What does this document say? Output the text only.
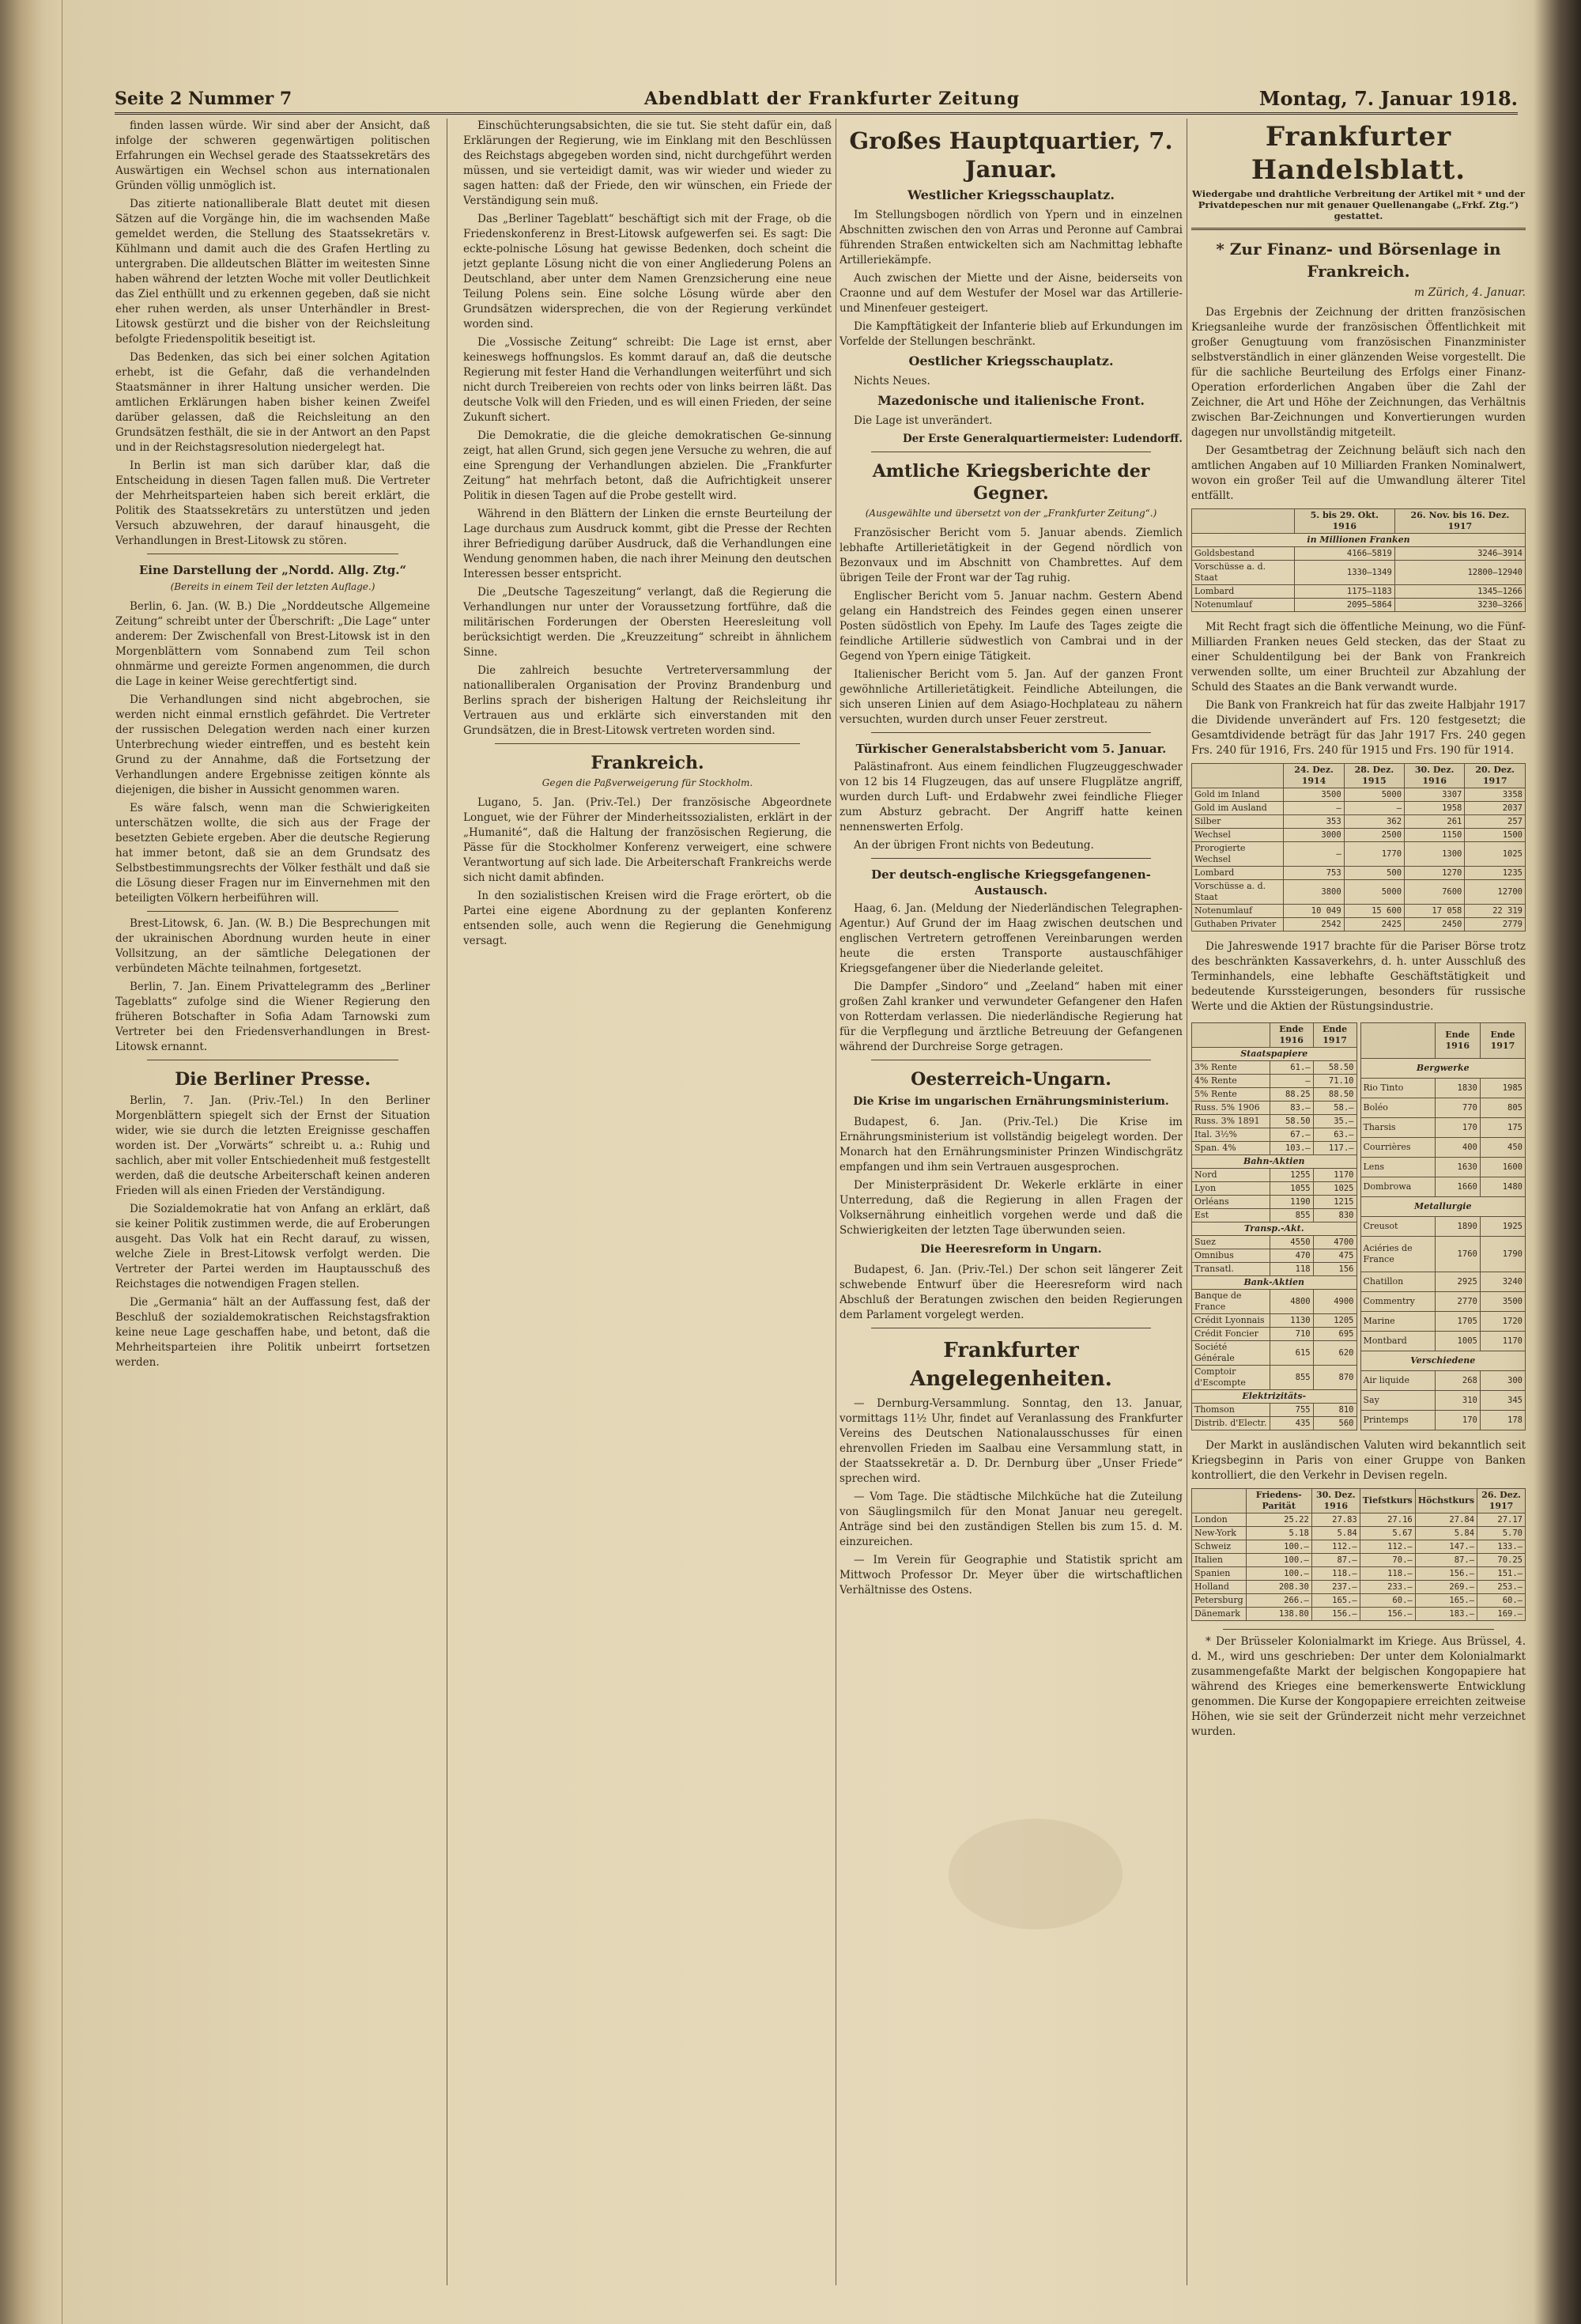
Seite 2 Nummer 7	Abendblatt der Frankfurter Zeitung	Montag, 7. Januar 1918.

finden lassen würde. Wir sind aber der Ansicht, daß infolge der schweren gegenwärtigen politischen Erfahrungen ein Wechsel gerade des Staatssekretärs des Auswärtigen ein Wechsel schon aus internationalen Gründen völlig unmöglich ist.

Das zitierte nationalliberale Blatt deutet mit diesen Sätzen auf die Vorgänge hin, die im wachsenden Maße gemeldet werden, die Stellung des Staatssekretärs v. Kühlmann und damit auch die des Grafen Hertling zu untergraben. Die alldeutschen Blätter im weitesten Sinne haben während der letzten Woche mit voller Deutlichkeit das Ziel enthüllt und zu erkennen gegeben, daß sie nicht eher ruhen werden, als unser Unterhändler in Brest-Litowsk gestürzt und die bisher von der Reichsleitung befolgte Friedenspolitik beseitigt ist.

Das Bedenken, das sich bei einer solchen Agitation erhebt, ist die Gefahr, daß die verhandelnden Staatsmänner in ihrer Haltung unsicher werden. Die amtlichen Erklärungen haben bisher keinen Zweifel darüber gelassen, daß die Reichsleitung an den Grundsätzen festhält, die sie in der Antwort an den Papst und in der Reichstagsresolution niedergelegt hat.

In Berlin ist man sich darüber klar, daß die Entscheidung in diesen Tagen fallen muß. Die Vertreter der Mehrheitsparteien haben sich bereit erklärt, die Politik des Staatssekretärs zu unterstützen und jeden Versuch abzuwehren, der darauf hinausgeht, die Verhandlungen in Brest-Litowsk zu stören.

Eine Darstellung der „Nordd. Allg. Ztg.“
(Bereits in einem Teil der letzten Auflage.)

Berlin, 6. Jan. (W. B.) Die „Norddeutsche Allgemeine Zeitung“ schreibt unter der Überschrift: „Die Lage“ unter anderem: Der Zwischenfall von Brest-Litowsk ist in den Morgenblättern vom Sonnabend zum Teil schon ohnmärme und gereizte Formen angenommen, die durch die Lage in keiner Weise gerechtfertigt sind.

Die Verhandlungen sind nicht abgebrochen, sie werden nicht einmal ernstlich gefährdet. Die Vertreter der russischen Delegation werden nach einer kurzen Unterbrechung wieder eintreffen, und es besteht kein Grund zu der Annahme, daß die Fortsetzung der Verhandlungen andere Ergebnisse zeitigen könnte als diejenigen, die bisher in Aussicht genommen waren.

Es wäre falsch, wenn man die Schwierigkeiten unterschätzen wollte, die sich aus der Frage der besetzten Gebiete ergeben. Aber die deutsche Regierung hat immer betont, daß sie an dem Grundsatz des Selbstbestimmungsrechts der Völker festhält und daß sie die Lösung dieser Fragen nur im Einvernehmen mit den beteiligten Völkern herbeiführen will.

Brest-Litowsk, 6. Jan. (W. B.) Die Besprechungen mit der ukrainischen Abordnung wurden heute in einer Vollsitzung, an der sämtliche Delegationen der verbündeten Mächte teilnahmen, fortgesetzt.

Berlin, 7. Jan. Einem Privattelegramm des „Berliner Tageblatts“ zufolge sind die Wiener Regierung den früheren Botschafter in Sofia Adam Tarnowski zum Vertreter bei den Friedensverhandlungen in Brest-Litowsk ernannt.

Die Berliner Presse.

Berlin, 7. Jan. (Priv.-Tel.) In den Berliner Morgenblättern spiegelt sich der Ernst der Situation wider, wie sie durch die letzten Ereignisse geschaffen worden ist. Der „Vorwärts“ schreibt u. a.: Ruhig und sachlich, aber mit voller Entschiedenheit muß festgestellt werden, daß die deutsche Arbeiterschaft keinen anderen Frieden will als einen Frieden der Verständigung.

Die Sozialdemokratie hat von Anfang an erklärt, daß sie keiner Politik zustimmen werde, die auf Eroberungen ausgeht. Das Volk hat ein Recht darauf, zu wissen, welche Ziele in Brest-Litowsk verfolgt werden. Die Vertreter der Partei werden im Hauptausschuß des Reichstages die notwendigen Fragen stellen.

Die „Germania“ hält an der Auffassung fest, daß der Beschluß der sozialdemokratischen Reichstagsfraktion keine neue Lage geschaffen habe, und betont, daß die Mehrheitsparteien ihre Politik unbeirrt fortsetzen werden.

Einschüchterungsabsichten, die sie tut. Sie steht dafür ein, daß Erklärungen der Regierung, wie im Einklang mit den Beschlüssen des Reichstags abgegeben worden sind, nicht durchgeführt werden müssen, und sie verteidigt damit, was wir wieder und wieder zu sagen hatten: daß der Friede, den wir wünschen, ein Friede der Verständigung sein muß.

Das „Berliner Tageblatt“ beschäftigt sich mit der Frage, ob die Friedenskonferenz in Brest-Litowsk aufgewerfen sei. Es sagt: Die eckte-polnische Lösung hat gewisse Bedenken, doch scheint die jetzt geplante Lösung nicht die von einer Angliederung Polens an Deutschland, aber unter dem Namen Grenzsicherung eine neue Teilung Polens sein. Eine solche Lösung würde aber den Grundsätzen widersprechen, die von der Regierung verkündet worden sind.

Die „Vossische Zeitung“ schreibt: Die Lage ist ernst, aber keineswegs hoffnungslos. Es kommt darauf an, daß die deutsche Regierung mit fester Hand die Verhandlungen weiterführt und sich nicht durch Treibereien von rechts oder von links beirren läßt. Das deutsche Volk will den Frieden, und es will einen Frieden, der seine Zukunft sichert.

Die Demokratie, die die gleiche demokratischen Ge-sinnung zeigt, hat allen Grund, sich gegen jene Versuche zu wehren, die auf eine Sprengung der Verhandlungen abzielen. Die „Frankfurter Zeitung“ hat mehrfach betont, daß die Aufrichtigkeit unserer Politik in diesen Tagen auf die Probe gestellt wird.

Während in den Blättern der Linken die ernste Beurteilung der Lage durchaus zum Ausdruck kommt, gibt die Presse der Rechten ihrer Befriedigung darüber Ausdruck, daß die Verhandlungen eine Wendung genommen haben, die nach ihrer Meinung den deutschen Interessen besser entspricht.

Die „Deutsche Tageszeitung“ verlangt, daß die Regierung die Verhandlungen nur unter der Voraussetzung fortführe, daß die militärischen Forderungen der Obersten Heeresleitung voll berücksichtigt werden. Die „Kreuzzeitung“ schreibt in ähnlichem Sinne.

Die zahlreich besuchte Vertreterversammlung der nationalliberalen Organisation der Provinz Brandenburg und Berlins sprach der bisherigen Haltung der Reichsleitung ihr Vertrauen aus und erklärte sich einverstanden mit den Grundsätzen, die in Brest-Litowsk vertreten worden sind.

Frankreich.
Gegen die Paßverweigerung für Stockholm.

Lugano, 5. Jan. (Priv.-Tel.) Der französische Abgeordnete Longuet, wie der Führer der Minderheitssozialisten, erklärt in der „Humanité“, daß die Haltung der französischen Regierung, die Pässe für die Stockholmer Konferenz verweigert, eine schwere Verantwortung auf sich lade. Die Arbeiterschaft Frankreichs werde sich nicht damit abfinden.

In den sozialistischen Kreisen wird die Frage erörtert, ob die Partei eine eigene Abordnung zu der geplanten Konferenz entsenden solle, auch wenn die Regierung die Genehmigung versagt.

Großes Hauptquartier, 7. Januar.
Westlicher Kriegsschauplatz.

Im Stellungsbogen nördlich von Ypern und in einzelnen Abschnitten zwischen den von Arras und Peronne auf Cambrai führenden Straßen entwickelten sich am Nachmittag lebhafte Artilleriekämpfe.

Auch zwischen der Miette und der Aisne, beiderseits von Craonne und auf dem Westufer der Mosel war das Artillerie- und Minenfeuer gesteigert.

Die Kampftätigkeit der Infanterie blieb auf Erkundungen im Vorfelde der Stellungen beschränkt.

Oestlicher Kriegsschauplatz.

Nichts Neues.

Mazedonische und italienische Front.

Die Lage ist unverändert.

Der Erste Generalquartiermeister: Ludendorff.

Amtliche Kriegsberichte der Gegner.
(Ausgewählte und übersetzt von der „Frankfurter Zeitung“.)

Französischer Bericht vom 5. Januar abends. Ziemlich lebhafte Artillerietätigkeit in der Gegend nördlich von Bezonvaux und im Abschnitt von Chambrettes. Auf dem übrigen Teile der Front war der Tag ruhig.

Englischer Bericht vom 5. Januar nachm. Gestern Abend gelang ein Handstreich des Feindes gegen einen unserer Posten südöstlich von Epehy. Im Laufe des Tages zeigte die feindliche Artillerie südwestlich von Cambrai und in der Gegend von Ypern einige Tätigkeit.

Italienischer Bericht vom 5. Jan. Auf der ganzen Front gewöhnliche Artillerietätigkeit. Feindliche Abteilungen, die sich unseren Linien auf dem Asiago-Hochplateau zu nähern versuchten, wurden durch unser Feuer zerstreut.

Türkischer Generalstabsbericht vom 5. Januar.

Palästinafront. Aus einem feindlichen Flugzeuggeschwader von 12 bis 14 Flugzeugen, das auf unsere Flugplätze angriff, wurden durch Luft- und Erdabwehr zwei feindliche Flieger zum Absturz gebracht. Der Angriff hatte keinen nennenswerten Erfolg.

An der übrigen Front nichts von Bedeutung.

Der deutsch-englische Kriegsgefangenen-Austausch.

Haag, 6. Jan. (Meldung der Niederländischen Telegraphen-Agentur.) Auf Grund der im Haag zwischen deutschen und englischen Vertretern getroffenen Vereinbarungen werden heute die ersten Transporte austauschfähiger Kriegsgefangener über die Niederlande geleitet.

Die Dampfer „Sindoro“ und „Zeeland“ haben mit einer großen Zahl kranker und verwundeter Gefangener den Hafen von Rotterdam verlassen. Die niederländische Regierung hat für die Verpflegung und ärztliche Betreuung der Gefangenen während der Durchreise Sorge getragen.

Oesterreich-Ungarn.
Die Krise im ungarischen Ernährungsministerium.

Budapest, 6. Jan. (Priv.-Tel.) Die Krise im Ernährungsministerium ist vollständig beigelegt worden. Der Monarch hat den Ernährungsminister Prinzen Windischgrätz empfangen und ihm sein Vertrauen ausgesprochen.

Der Ministerpräsident Dr. Wekerle erklärte in einer Unterredung, daß die Regierung in allen Fragen der Volksernährung einheitlich vorgehen werde und daß die Schwierigkeiten der letzten Tage überwunden seien.

Die Heeresreform in Ungarn.

Budapest, 6. Jan. (Priv.-Tel.) Der schon seit längerer Zeit schwebende Entwurf über die Heeresreform wird nach Abschluß der Beratungen zwischen den beiden Regierungen dem Parlament vorgelegt werden.

Frankfurter Angelegenheiten.

— Dernburg-Versammlung. Sonntag, den 13. Januar, vormittags 11½ Uhr, findet auf Veranlassung des Frankfurter Vereins des Deutschen Nationalausschusses für einen ehrenvollen Frieden im Saalbau eine Versammlung statt, in der Staatssekretär a. D. Dr. Dernburg über „Unser Friede“ sprechen wird.

— Vom Tage. Die städtische Milchküche hat die Zuteilung von Säuglingsmilch für den Monat Januar neu geregelt. Anträge sind bei den zuständigen Stellen bis zum 15. d. M. einzureichen.

— Im Verein für Geographie und Statistik spricht am Mittwoch Professor Dr. Meyer über die wirtschaftlichen Verhältnisse des Ostens.

Frankfurter Handelsblatt.
Wiedergabe und drahtliche Verbreitung der Artikel mit * und der Privatdepeschen nur mit genauer Quellenangabe („Frkf. Ztg.“) gestattet.
* Zur Finanz- und Börsenlage in Frankreich.
m Zürich, 4. Januar.

Das Ergebnis der Zeichnung der dritten französischen Kriegsanleihe wurde der französischen Öffentlichkeit mit großer Genugtuung vom französischen Finanzminister selbstverständlich in einer glänzenden Weise vorgestellt. Die für die sachliche Beurteilung des Erfolgs einer Finanz-Operation erforderlichen Angaben über die Zahl der Zeichner, die Art und Höhe der Zeichnungen, das Verhältnis zwischen Bar-Zeichnungen und Konvertierungen wurden dagegen nur unvollständig mitgeteilt.

Der Gesamtbetrag der Zeichnung beläuft sich nach den amtlichen Angaben auf 10 Milliarden Franken Nominalwert, wovon ein großer Teil auf die Umwandlung älterer Titel entfällt.

	5. bis 29. Okt. 1916	26. Nov. bis 16. Dez. 1917
in Millionen Franken		
Goldsbestand	4166—5819	3246—3914
Vorschüsse a. d. Staat	1330—1349	12800—12940
Lombard	1175—1183	1345—1266
Notenumlauf	2095—5864	3230—3266

Mit Recht fragt sich die öffentliche Meinung, wo die Fünf-Milliarden Franken neues Geld stecken, das der Staat zu einer Schuldentilgung bei der Bank von Frankreich verwenden sollte, um einer Bruchteil zur Abzahlung der Schuld des Staates an die Bank verwandt wurde.

Die Bank von Frankreich hat für das zweite Halbjahr 1917 die Dividende unverändert auf Frs. 120 festgesetzt; die Gesamtdividende beträgt für das Jahr 1917 Frs. 240 gegen Frs. 240 für 1916, Frs. 240 für 1915 und Frs. 190 für 1914.

	24. Dez. 1914	28. Dez. 1915	30. Dez. 1916	20. Dez. 1917
Gold im Inland	3500	5000	3307	3358
Gold im Ausland	—	—	1958	2037
Silber	353	362	261	257
Wechsel	3000	2500	1150	1500
Prorogierte Wechsel	—	1770	1300	1025
Lombard	753	500	1270	1235
Vorschüsse a. d. Staat	3800	5000	7600	12700
Notenumlauf	10 049	15 600	17 058	22 319
Guthaben Privater	2542	2425	2450	2779

Die Jahreswende 1917 brachte für die Pariser Börse trotz des beschränkten Kassaverkehrs, d. h. unter Ausschluß des Terminhandels, eine lebhafte Geschäftstätigkeit und bedeutende Kurssteigerungen, besonders für russische Werte und die Aktien der Rüstungsindustrie.

	Ende 1916	Ende 1917
Staatspapiere		
3% Rente	61.—	58.50
4% Rente	—	71.10
5% Rente	88.25	88.50
Russ. 5% 1906	83.—	58.—
Russ. 3% 1891	58.50	35.—
Ital. 3½%	67.—	63.—
Span. 4%	103.—	117.—
Bahn-Aktien		
Nord	1255	1170
Lyon	1055	1025
Orléans	1190	1215
Est	855	830
Transp.-Akt.		
Suez	4550	4700
Omnibus	470	475
Transatl.	118	156
Bank-Aktien		
Banque de France	4800	4900
Crédit Lyonnais	1130	1205
Crédit Foncier	710	695
Société Générale	615	620
Comptoir d'Escompte	855	870
Elektrizitäts-		
Thomson	755	810
Distrib. d'Electr.	435	560
	Ende 1916	Ende 1917
Bergwerke		
Rio Tinto	1830	1985
Boléo	770	805
Tharsis	170	175
Courrières	400	450
Lens	1630	1600
Dombrowa	1660	1480
Metallurgie		
Creusot	1890	1925
Aciéries de France	1760	1790
Chatillon	2925	3240
Commentry	2770	3500
Marine	1705	1720
Montbard	1005	1170
Verschiedene		
Air liquide	268	300
Say	310	345
Printemps	170	178

Der Markt in ausländischen Valuten wird bekanntlich seit Kriegsbeginn in Paris von einer Gruppe von Banken kontrolliert, die den Verkehr in Devisen regeln.

	Friedens-Parität	30. Dez. 1916	Tiefstkurs	Höchstkurs	26. Dez. 1917
London	25.22	27.83	27.16	27.84	27.17
New-York	5.18	5.84	5.67	5.84	5.70
Schweiz	100.—	112.—	112.—	147.—	133.—
Italien	100.—	87.—	70.—	87.—	70.25
Spanien	100.—	118.—	118.—	156.—	151.—
Holland	208.30	237.—	233.—	269.—	253.—
Petersburg	266.—	165.—	60.—	165.—	60.—
Dänemark	138.80	156.—	156.—	183.—	169.—

* Der Brüsseler Kolonialmarkt im Kriege. Aus Brüssel, 4. d. M., wird uns geschrieben: Der unter dem Kolonialmarkt zusammengefaßte Markt der belgischen Kongopapiere hat während des Krieges eine bemerkenswerte Entwicklung genommen. Die Kurse der Kongopapiere erreichten zeitweise Höhen, wie sie seit der Gründerzeit nicht mehr verzeichnet wurden.
